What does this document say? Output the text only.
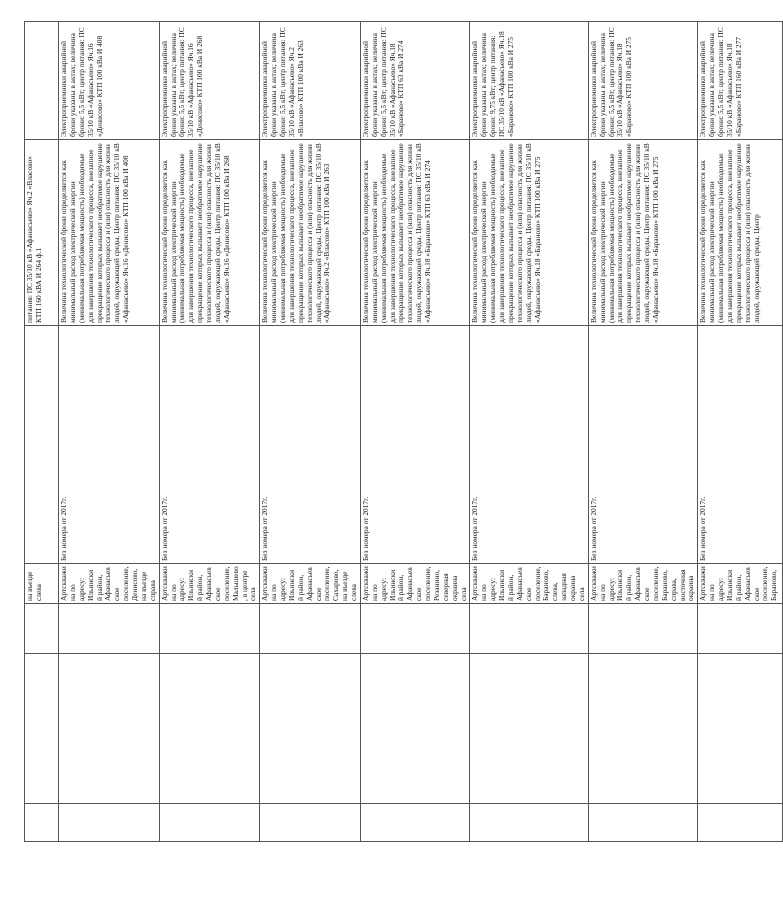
			на въезде слева		питания: ПС 35/10 кВ «Афанасьево» Яч.2 «Власово» КТП 160 кВА И 264 ф.1	

			Артскважина по адресу: Ильинский район, Афанасьевское поселение, Денисово, на въезде справа	Без номера от 2017г.	Величина технологической брони определяется как минимальный расход электрической энергии (минимальная потребляемая мощность) необходимые для завершения технологического процесса, внезапное прекращение которых вызывает необратимое нарушение технологического процесса и (или) опасность для жизни людей, окружающей среды. Центр питания: ПС 35/10 кВ «Афанасьево» Яч.16 «Денисово» КТП 100 кВа И 408	Электроприемники аварийной брони указаны в актах; величина брони: 5,5 кВт; центр питания: ПС 35/10 кВ «Афанасьево» Яч.16 «Денисово» КТП 100 кВа И 408

			Артскважина по адресу: Ильинский район, Афанасьевское поселение, Малышево, в центре села	Без номера от 2017г.	Величина технологической брони определяется как минимальный расход электрической энергии (минимальная потребляемая мощность) необходимые для завершения технологического процесса, внезапное прекращение которых вызывает необратимое нарушение технологического процесса и (или) опасность для жизни людей, окружающей среды. Центр питания: ПС 35/10 кВ «Афанасьево» Яч.16 «Денисово» КТП 100 кВа И 268	Электроприемники аварийной брони указаны в актах; величина брони: 5,5 кВт; центр питания: ПС 35/10 кВ «Афанасьево» Яч.16 «Денисово» КТП 100 кВа И 268

			Артскважина по адресу: Ильинский район, Афанасьевское поселение, Сахарово, на въезде слева	Без номера от 2017г.	Величина технологической брони определяется как минимальный расход электрической энергии (минимальная потребляемая мощность) необходимые для завершения технологического процесса, внезапное прекращение которых вызывает необратимое нарушение технологического процесса и (или) опасность для жизни людей, окружающей среды. Центр питания: ПС 35/10 кВ «Афанасьево» Яч.2 «Власово» КТП 100 кВа И 263	Электроприемники аварийной брони указаны в актах; величина брони: 5,5 кВт; центр питания: ПС 35/10 кВ «Афанасьево» Яч.2 «Власово» КТП 100 кВа И 263

			Артскважина по адресу: Ильинский район, Афанасьевское поселение, Резанино, северная окраина села	Без номера от 2017г.	Величина технологической брони определяется как минимальный расход электрической энергии (минимальная потребляемая мощность) необходимые для завершения технологического процесса, внезапное прекращение которых вызывает необратимое нарушение технологического процесса и (или) опасность для жизни людей, окружающей среды. Центр питания: ПС 35/10 кВ «Афанасьево» Яч.18 «Бараново» КТП 63 кВа И 274	Электроприемники аварийной брони указаны в актах; величина брони: 5,5 кВт; центр питания: ПС 35/10 кВ «Афанасьево» Яч.18 «Бараново» КТП 63 кВа И 274

			Артскважина по адресу: Ильинский район, Афанасьевское поселение, Бараново, слева, западная окраина села	Без номера от 2017г.	Величина технологической брони определяется как минимальный расход электрической энергии (минимальная потребляемая мощность) необходимые для завершения технологического процесса, внезапное прекращение которых вызывает необратимое нарушение технологического процесса и (или) опасность для жизни людей, окружающей среды. Центр питания: ПС 35/10 кВ «Афанасьево» Яч.18 «Бараново» КТП 100 кВа И 275	Электроприемники аварийной брони указаны в актах; величина брони: 9,75 кВт; центр питания: ПС 35/10 кВ «Афанасьево» Яч.18 «Бараново» КТП 100 кВа И 275

			Артскважина по адресу: Ильинский район, Афанасьевское поселение, Бараново, справа, восточная окраина	Без номера от 2017г.	Величина технологической брони определяется как минимальный расход электрической энергии (минимальная потребляемая мощность) необходимые для завершения технологического процесса, внезапное прекращение которых вызывает необратимое нарушение технологического процесса и (или) опасность для жизни людей, окружающей среды. Центр питания: ПС 35/10 кВ «Афанасьево» Яч.18 «Бараново» КТП 100 кВа И 275	Электроприемники аварийной брони указаны в актах; величина брони: 5,5 кВт; центр питания: ПС 35/10 кВ «Афанасьево» Яч.18 «Бараново» КТП 100 кВа И 275

			Артскважина по адресу: Ильинский район, Афанасьевское поселение, Бараново,	Без номера от 2017г.	Величина технологической брони определяется как минимальный расход электрической энергии (минимальная потребляемая мощность) необходимые для завершения технологического процесса, внезапное прекращение которых вызывает необратимое нарушение технологического процесса и (или) опасность для жизни людей, окружающей среды. Центр	Электроприемники аварийной брони указаны в актах; величина брони: 5,5 кВт; центр питания: ПС 35/10 кВ «Афанасьево» Яч.18 «Бараново» КТП 160 кВа И 277
